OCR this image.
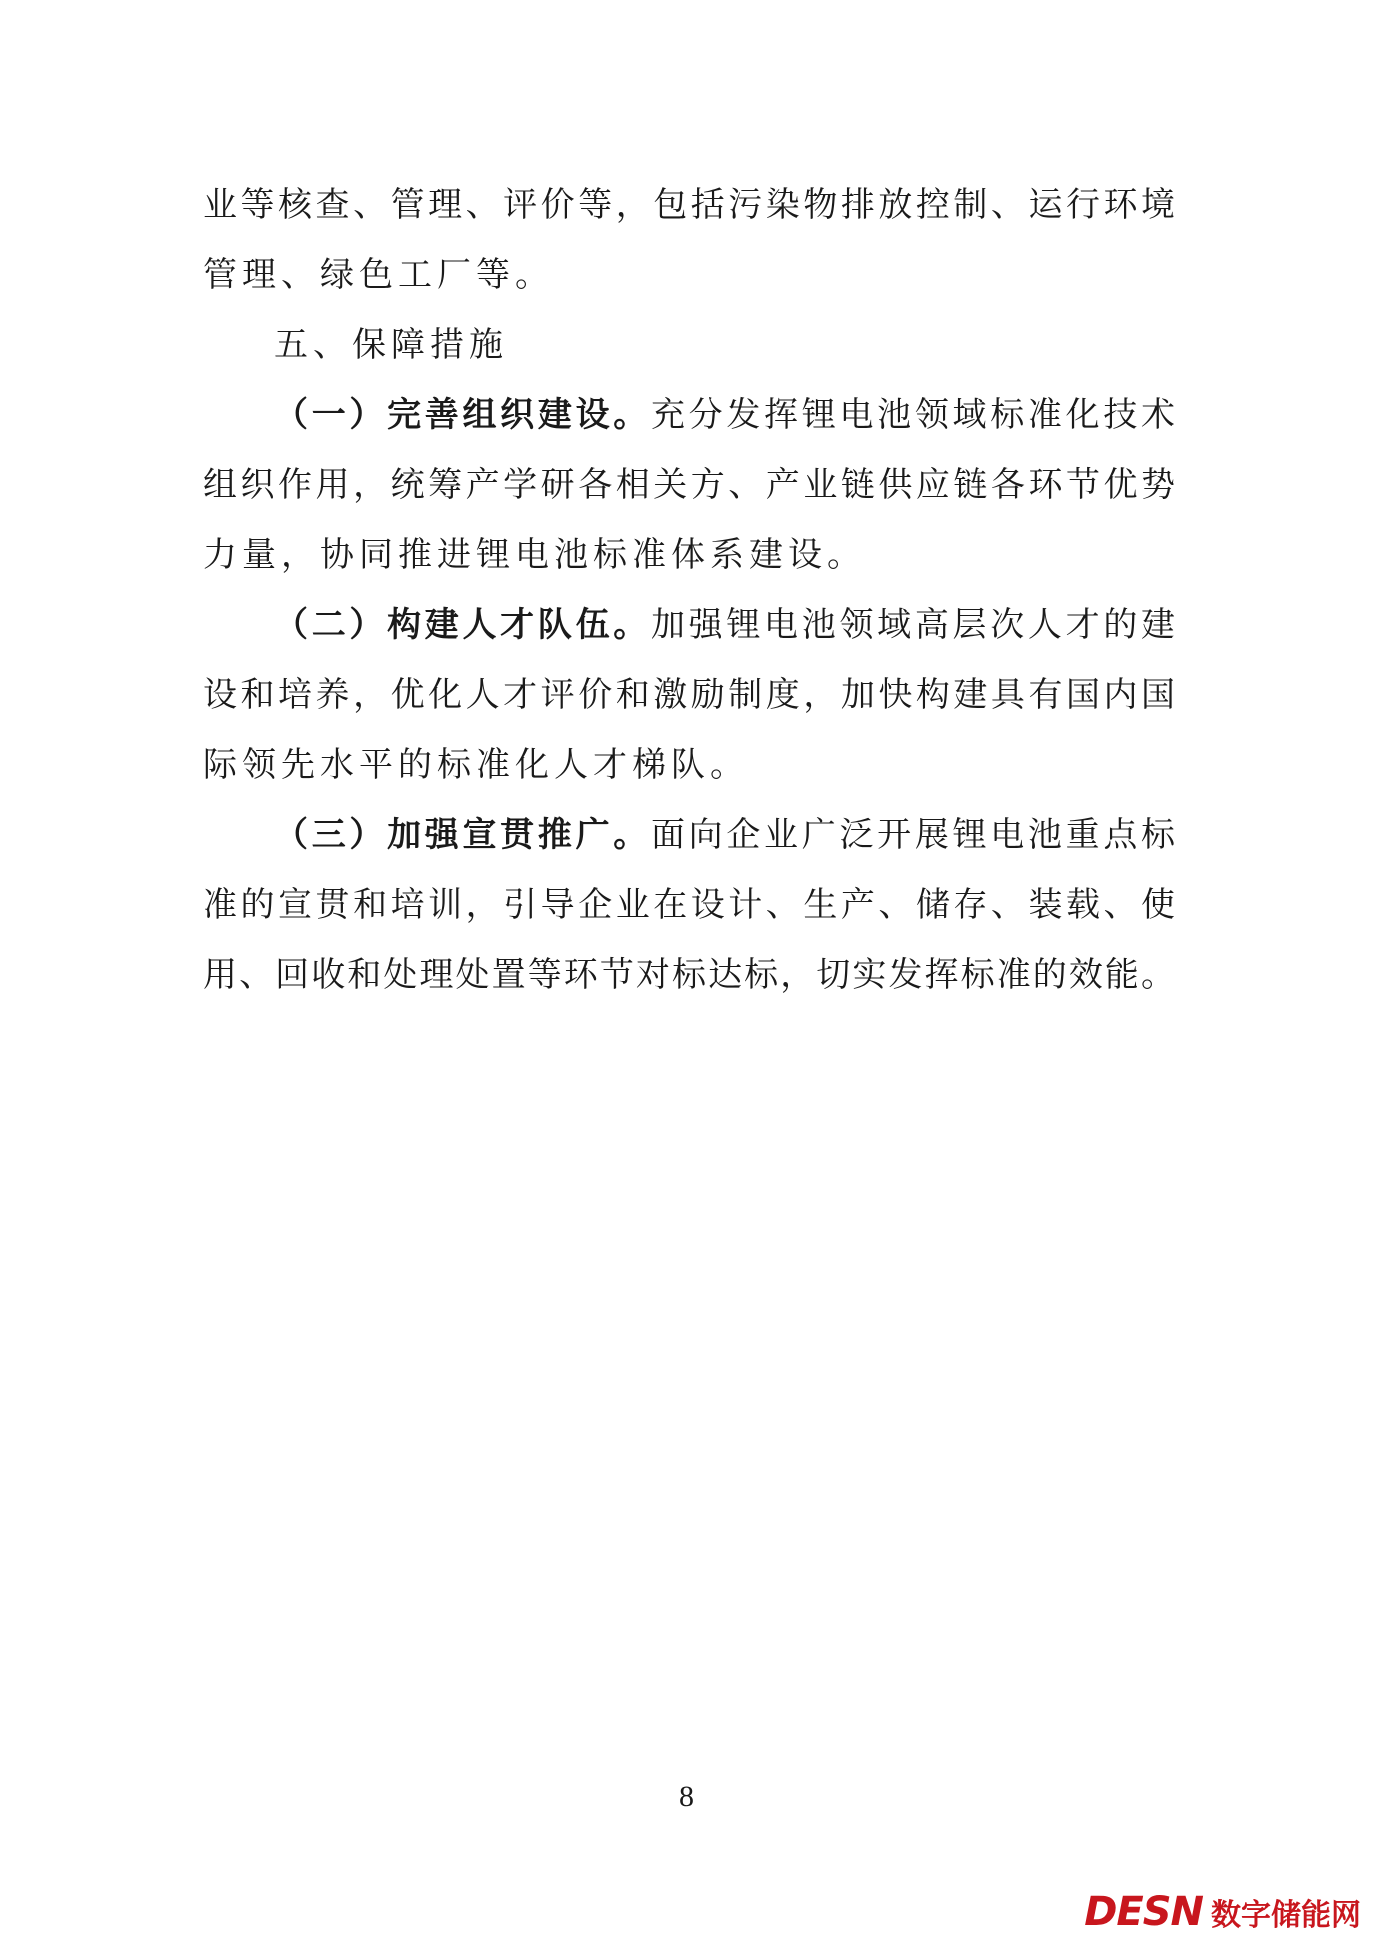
业等核查、管理、评价等，包括污染物排放控制、运行环境
管理、绿色工厂等。
五、保障措施
（一）完善组织建设。充分发挥锂电池领域标准化技术
组织作用，统筹产学研各相关方、产业链供应链各环节优势
力量，协同推进锂电池标准体系建设。
（二）构建人才队伍。加强锂电池领域高层次人才的建
设和培养，优化人才评价和激励制度，加快构建具有国内国
际领先水平的标准化人才梯队。
（三）加强宣贯推广。面向企业广泛开展锂电池重点标
准的宣贯和培训，引导企业在设计、生产、储存、装载、使
用、回收和处理处置等环节对标达标，切实发挥标准的效能。
8
DESN 数字储能网
